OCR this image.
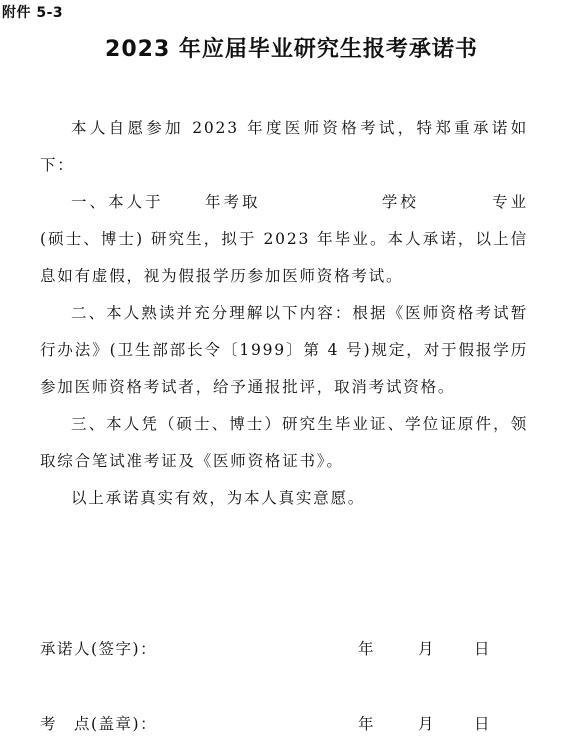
附件 5-3
2023 年应届毕业研究生报考承诺书

本人自愿参加 2023 年度医师资格考试，特郑重承诺如下：

一、本人于	年考取	学校	专业(硕士、博士) 研究生，拟于 2023 年毕业。本人承诺，以上信息如有虚假，视为假报学历参加医师资格考试。

二、本人熟读并充分理解以下内容：根据《医师资格考试暂行办法》(卫生部部长令〔1999〕第 4 号)规定，对于假报学历参加医师资格考试者，给予通报批评，取消考试资格。

三、本人凭（硕士、博士）研究生毕业证、学位证原件，领取综合笔试准考证及《医师资格证书》。

以上承诺真实有效，为本人真实意愿。

承诺人(签字)：	年	月	日
考　点(盖章)：	年	月	日
